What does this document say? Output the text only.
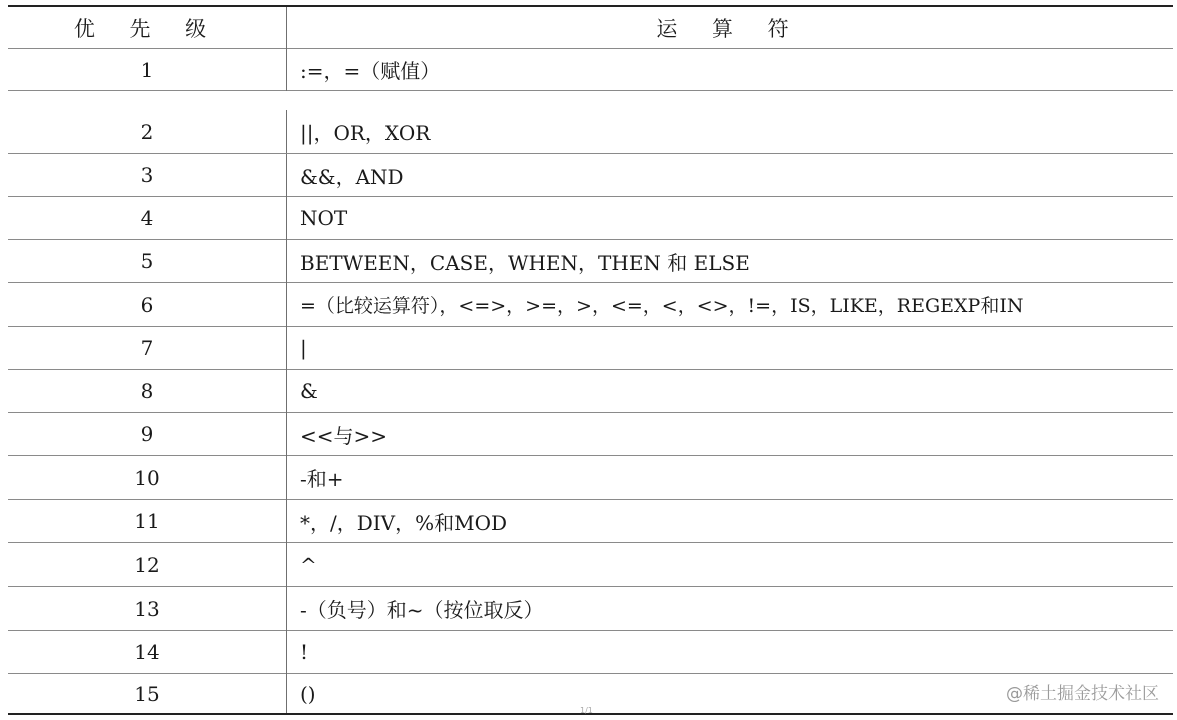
优 先 级	运 算 符
1	:=，=（赋值）
2	||，OR，XOR
3	&&，AND
4	NOT
5	BETWEEN，CASE，WHEN，THEN 和 ELSE
6	=（比较运算符），<=>，>=，>，<=，<，<>，!=，IS，LIKE，REGEXP和IN
7	|
8	&
9	<<与>>
10	-和+
11	*，/，DIV，%和MOD
12	^
13	-（负号）和~（按位取反）
14	!
15	()	@稀土掘金技术社区
1/1
